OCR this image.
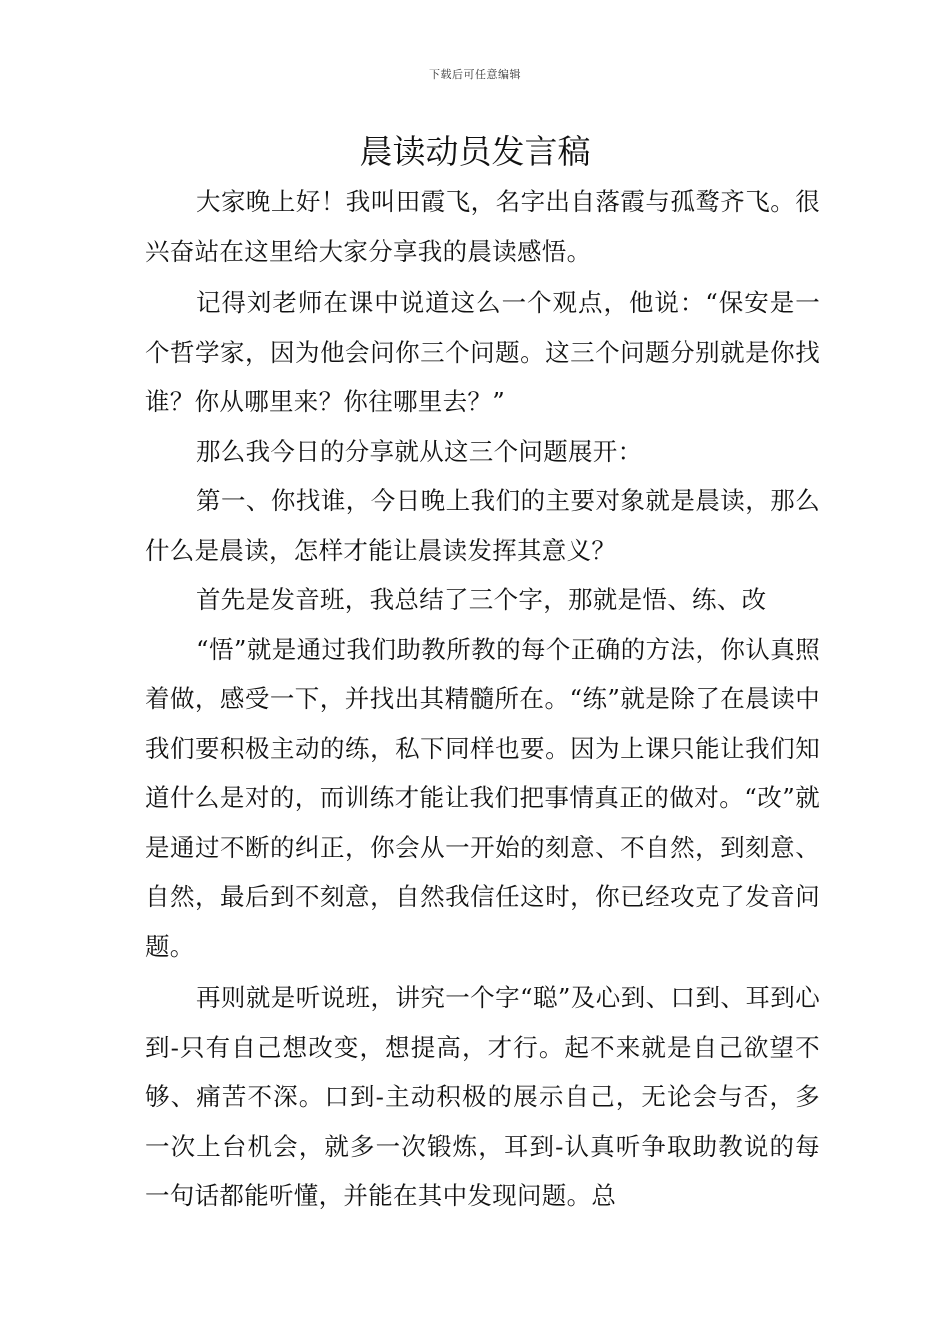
下载后可任意编辑
晨读动员发言稿

大家晚上好！我叫田霞飞，名字出自落霞与孤鹜齐飞。很兴奋站在这里给大家分享我的晨读感悟。

记得刘老师在课中说道这么一个观点，他说：“保安是一个哲学家，因为他会问你三个问题。这三个问题分别就是你找谁？你从哪里来？你往哪里去？”

那么我今日的分享就从这三个问题展开：

第一、你找谁，今日晚上我们的主要对象就是晨读，那么什么是晨读，怎样才能让晨读发挥其意义？

首先是发音班，我总结了三个字，那就是悟、练、改

“悟”就是通过我们助教所教的每个正确的方法，你认真照着做，感受一下，并找出其精髓所在。“练”就是除了在晨读中我们要积极主动的练，私下同样也要。因为上课只能让我们知道什么是对的，而训练才能让我们把事情真正的做对。“改”就是通过不断的纠正，你会从一开始的刻意、不自然，到刻意、自然，最后到不刻意，自然我信任这时，你已经攻克了发音问题。

再则就是听说班，讲究一个字“聪”及心到、口到、耳到心到-只有自己想改变，想提高，才行。起不来就是自己欲望不够、痛苦不深。口到-主动积极的展示自己，无论会与否，多一次上台机会，就多一次锻炼，耳到-认真听争取助教说的每一句话都能听懂，并能在其中发现问题。总
